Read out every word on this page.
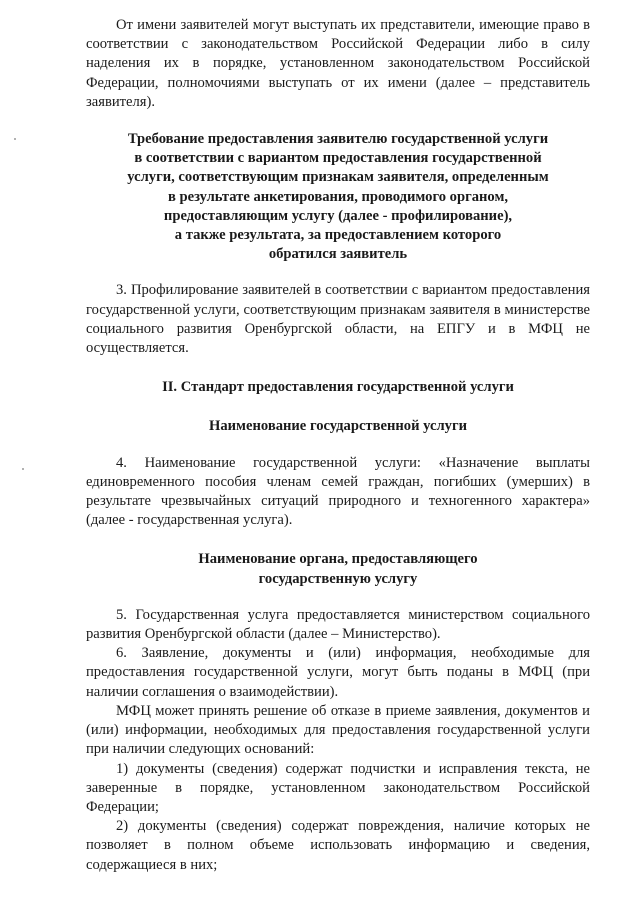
От имени заявителей могут выступать их представители, имеющие право в соответствии с законодательством Российской Федерации либо в силу наделения их в порядке, установленном законодательством Российской Федерации, полномочиями выступать от их имени (далее – представитель заявителя).

Требование предоставления заявителю государственной услуги
в соответствии с вариантом предоставления государственной
услуги, соответствующим признакам заявителя, определенным
в результате анкетирования, проводимого органом,
предоставляющим услугу (далее - профилирование),
а также результата, за предоставлением которого
обратился заявитель

3. Профилирование заявителей в соответствии с вариантом предоставления государственной услуги, соответствующим признакам заявителя в министерстве социального развития Оренбургской области, на ЕПГУ и в МФЦ не осуществляется.

II. Стандарт предоставления государственной услуги
Наименование государственной услуги

4. Наименование государственной услуги: «Назначение выплаты единовременного пособия членам семей граждан, погибших (умерших) в результате чрезвычайных ситуаций природного и техногенного характера» (далее - государственная услуга).

Наименование органа, предоставляющего
государственную услугу

5. Государственная услуга предоставляется министерством социального развития Оренбургской области (далее – Министерство).

6. Заявление, документы и (или) информация, необходимые для предоставления государственной услуги, могут быть поданы в МФЦ (при наличии соглашения о взаимодействии).

МФЦ может принять решение об отказе в приеме заявления, документов и (или) информации, необходимых для предоставления государственной услуги при наличии следующих оснований:

1) документы (сведения) содержат подчистки и исправления текста, не заверенные в порядке, установленном законодательством Российской Федерации;

2) документы (сведения) содержат повреждения, наличие которых не позволяет в полном объеме использовать информацию и сведения, содержащиеся в них;
